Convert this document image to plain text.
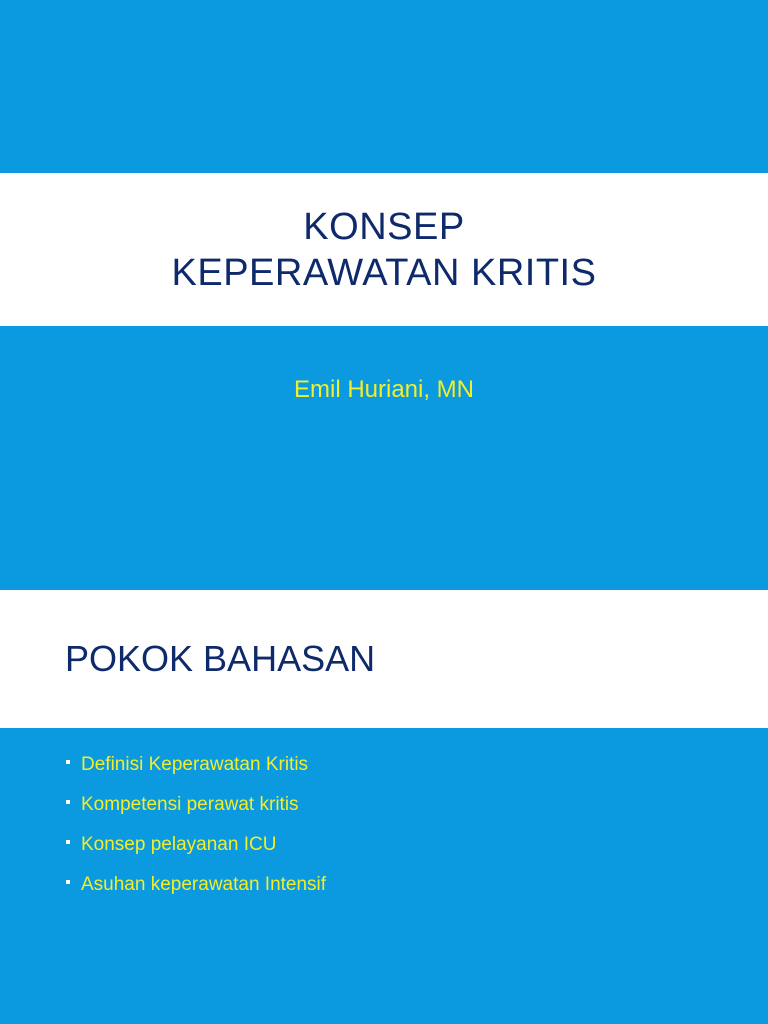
KONSEP
KEPERAWATAN KRITIS
Emil Huriani, MN
POKOK BAHASAN
Definisi Keperawatan Kritis
Kompetensi perawat kritis
Konsep pelayanan ICU
Asuhan keperawatan Intensif
